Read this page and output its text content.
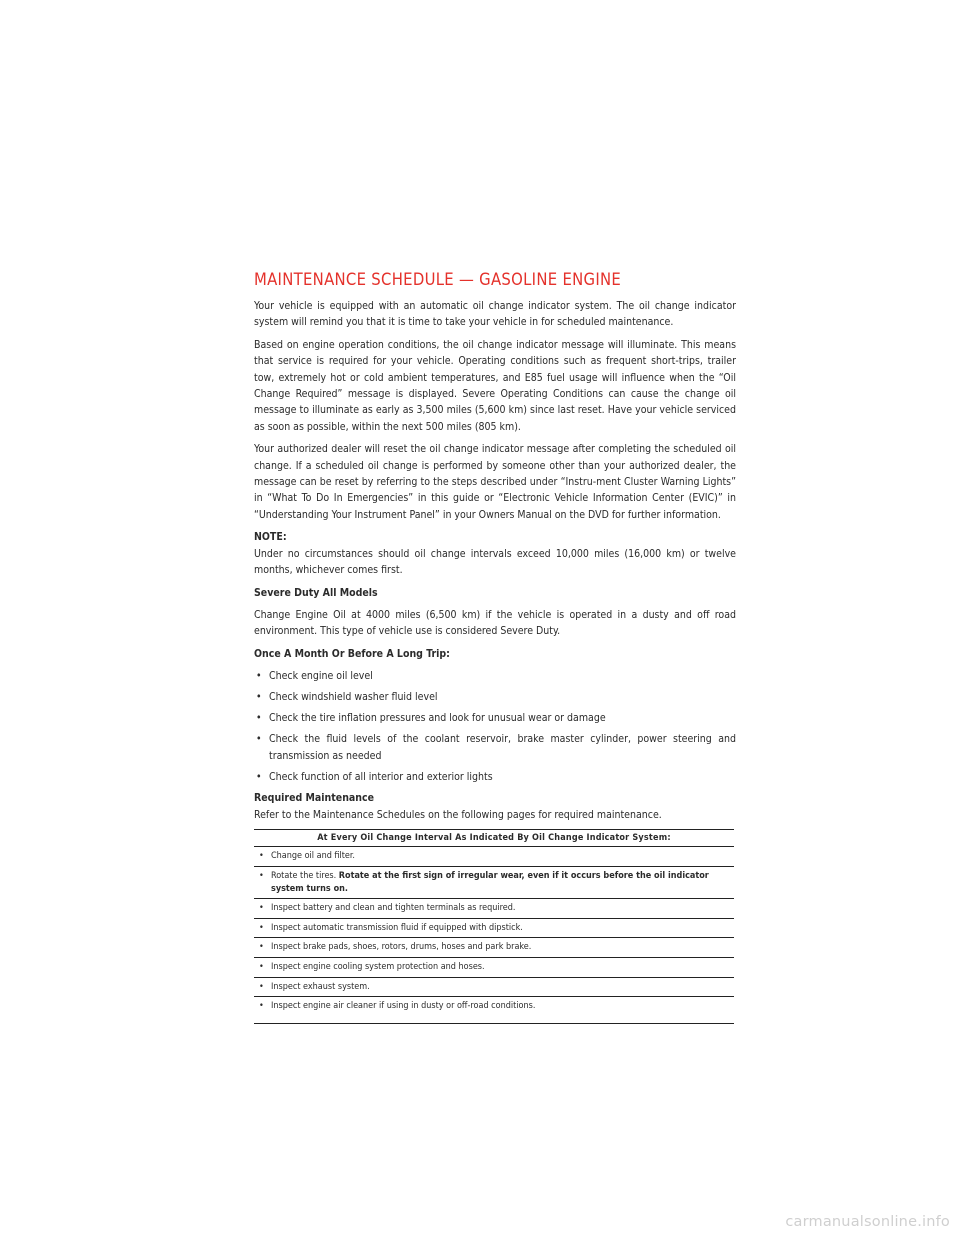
MAINTENANCE SCHEDULE — GASOLINE ENGINE

Your vehicle is equipped with an automatic oil change indicator system. The oil change indicator system will remind you that it is time to take your vehicle in for scheduled maintenance.

Based on engine operation conditions, the oil change indicator message will illuminate. This means that service is required for your vehicle. Operating conditions such as frequent short-trips, trailer tow, extremely hot or cold ambient temperatures, and E85 fuel usage will influence when the “Oil Change Required” message is displayed. Severe Operating Conditions can cause the change oil message to illuminate as early as 3,500 miles (5,600 km) since last reset. Have your vehicle serviced as soon as possible, within the next 500 miles (805 km).

Your authorized dealer will reset the oil change indicator message after completing the scheduled oil change. If a scheduled oil change is performed by someone other than your authorized dealer, the message can be reset by referring to the steps described under “Instru-ment Cluster Warning Lights” in “What To Do In Emergencies” in this guide or “Electronic Vehicle Information Center (EVIC)” in “Understanding Your Instrument Panel” in your Owners Manual on the DVD for further information.

NOTE:

Under no circumstances should oil change intervals exceed 10,000 miles (16,000 km) or twelve months, whichever comes first.

Severe Duty All Models

Change Engine Oil at 4000 miles (6,500 km) if the vehicle is operated in a dusty and off road environment. This type of vehicle use is considered Severe Duty.

Once A Month Or Before A Long Trip:

• Check engine oil level
• Check windshield washer fluid level
• Check the tire inflation pressures and look for unusual wear or damage
• Check the fluid levels of the coolant reservoir, brake master cylinder, power steering and transmission as needed
• Check function of all interior and exterior lights

Required Maintenance

Refer to the Maintenance Schedules on the following pages for required maintenance.

At Every Oil Change Interval As Indicated By Oil Change Indicator System:
• Change oil and filter.
• Rotate the tires. Rotate at the first sign of irregular wear, even if it occurs before the oil indicator system turns on.
• Inspect battery and clean and tighten terminals as required.
• Inspect automatic transmission fluid if equipped with dipstick.
• Inspect brake pads, shoes, rotors, drums, hoses and park brake.
• Inspect engine cooling system protection and hoses.
• Inspect exhaust system.
• Inspect engine air cleaner if using in dusty or off-road conditions.
carmanualsonline.info
